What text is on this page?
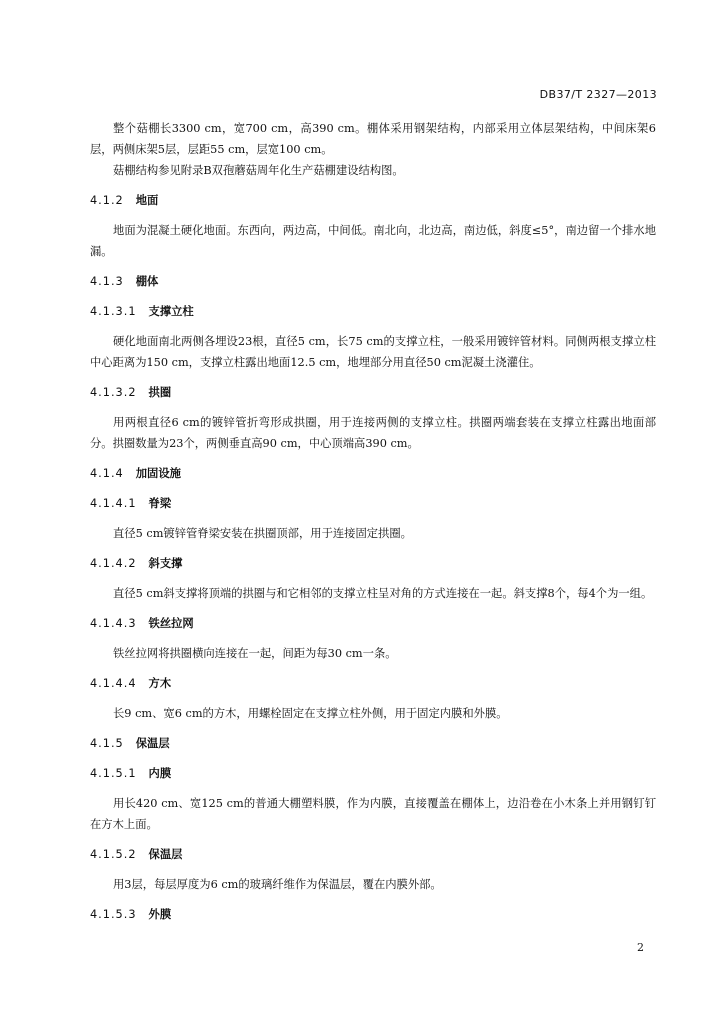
DB37/T 2327—2013

整个菇棚长3300 cm，宽700 cm，高390 cm。棚体采用钢架结构，内部采用立体层架结构，中间床架6层，两侧床架5层，层距55 cm，层宽100 cm。

菇棚结构参见附录B双孢蘑菇周年化生产菇棚建设结构图。

4.1.2 地面

地面为混凝土硬化地面。东西向，两边高，中间低。南北向，北边高，南边低，斜度≤5°，南边留一个排水地漏。

4.1.3 棚体
4.1.3.1 支撑立柱

硬化地面南北两侧各埋设23根，直径5 cm，长75 cm的支撑立柱，一般采用镀锌管材料。同侧两根支撑立柱中心距离为150 cm，支撑立柱露出地面12.5 cm，地埋部分用直径50 cm泥凝土浇灌住。

4.1.3.2 拱圈

用两根直径6 cm的镀锌管折弯形成拱圈，用于连接两侧的支撑立柱。拱圈两端套装在支撑立柱露出地面部分。拱圈数量为23个，两侧垂直高90 cm，中心顶端高390 cm。

4.1.4 加固设施
4.1.4.1 脊梁

直径5 cm镀锌管脊梁安装在拱圈顶部，用于连接固定拱圈。

4.1.4.2 斜支撑

直径5 cm斜支撑将顶端的拱圈与和它相邻的支撑立柱呈对角的方式连接在一起。斜支撑8个，每4个为一组。

4.1.4.3 铁丝拉网

铁丝拉网将拱圈横向连接在一起，间距为每30 cm一条。

4.1.4.4 方木

长9 cm、宽6 cm的方木，用螺栓固定在支撑立柱外侧，用于固定内膜和外膜。

4.1.5 保温层
4.1.5.1 内膜

用长420 cm、宽125 cm的普通大棚塑料膜，作为内膜，直接覆盖在棚体上，边沿卷在小木条上并用钢钉钉在方木上面。

4.1.5.2 保温层

用3层，每层厚度为6 cm的玻璃纤维作为保温层，覆在内膜外部。

4.1.5.3 外膜
2
